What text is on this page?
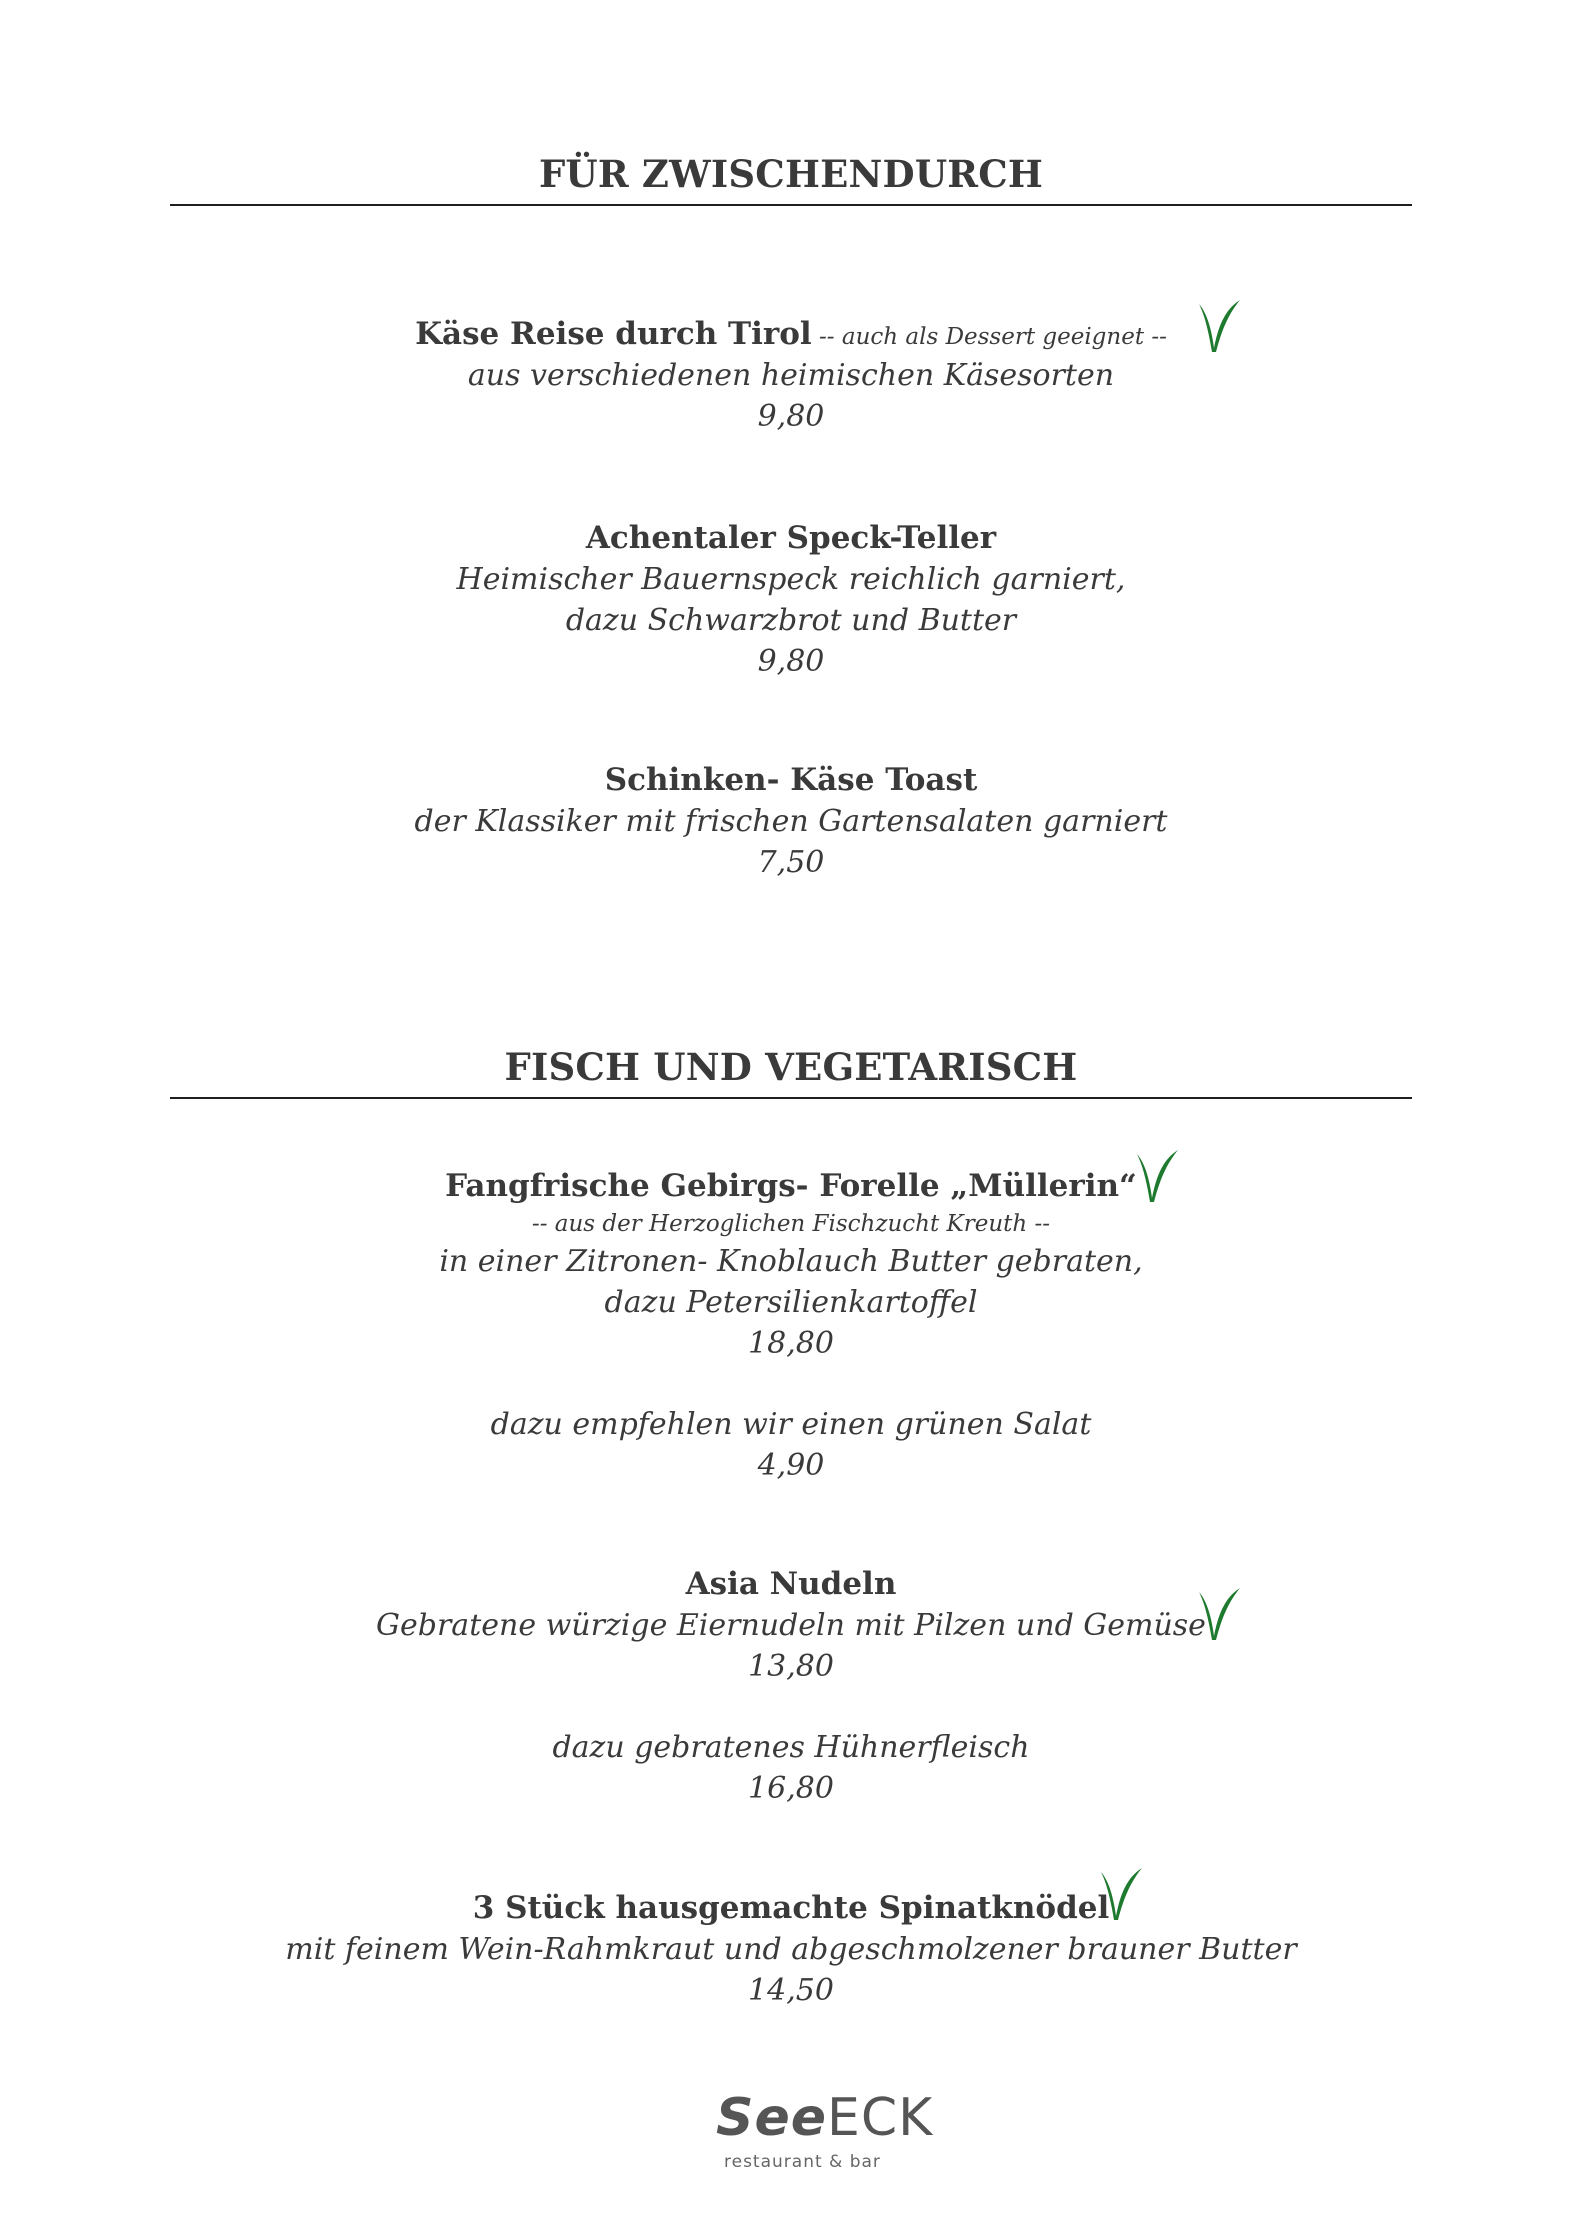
FÜR ZWISCHENDURCH
Käse Reise durch Tirol -- auch als Dessert geeignet --
aus verschiedenen heimischen Käsesorten
9,80
Achentaler Speck-Teller
Heimischer Bauernspeck reichlich garniert,
dazu Schwarzbrot und Butter
9,80
Schinken- Käse Toast
der Klassiker mit frischen Gartensalaten garniert
7,50
FISCH UND VEGETARISCH
Fangfrische Gebirgs- Forelle „Müllerin“
-- aus der Herzoglichen Fischzucht Kreuth --
in einer Zitronen- Knoblauch Butter gebraten,
dazu Petersilienkartoffel
18,80
dazu empfehlen wir einen grünen Salat
4,90
Asia Nudeln
Gebratene würzige Eiernudeln mit Pilzen und Gemüse
13,80
dazu gebratenes Hühnerfleisch
16,80
3 Stück hausgemachte Spinatknödel
mit feinem Wein-Rahmkraut und abgeschmolzener brauner Butter
14,50
SeeECK
restaurant & bar
